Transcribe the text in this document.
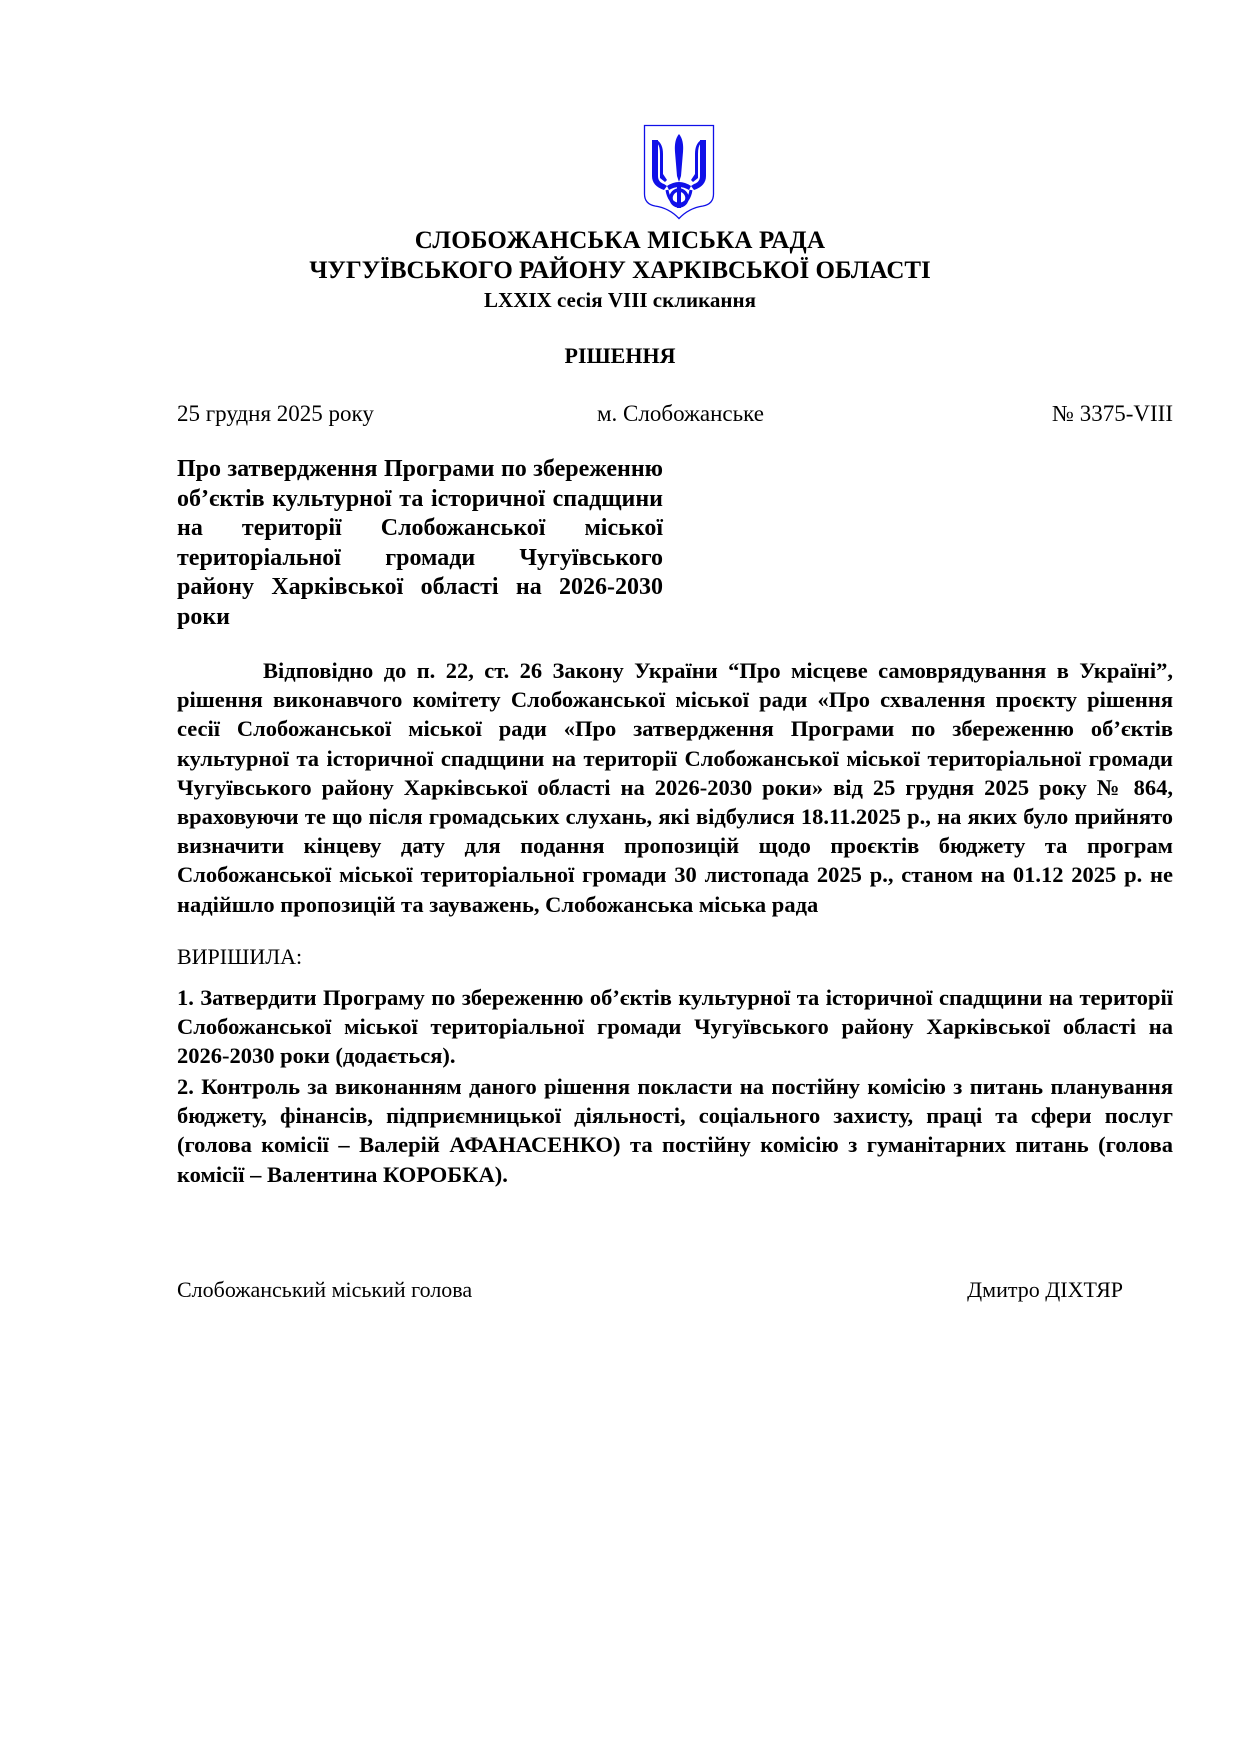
СЛОБОЖАНСЬКА МІСЬКА РАДА
ЧУГУЇВСЬКОГО РАЙОНУ ХАРКІВСЬКОЇ ОБЛАСТІ
LXXIX сесія VIII скликання
РІШЕННЯ
25 грудня 2025 року	м. Слобожанське	№ 3375-VIII
Про затвердження Програми по збереженню об’єктів культурної та історичної спадщини на території Слобожанської міської територіальної громади Чугуївського району Харківської області на 2026-2030 роки

Відповідно до п. 22, ст. 26 Закону України “Про місцеве самоврядування в Україні”, рішення виконавчого комітету Слобожанської міської ради «Про схвалення проєкту рішення сесії Слобожанської міської ради «Про затвердження Програми по збереженню об’єктів культурної та історичної спадщини на території Слобожанської міської територіальної громади Чугуївського району Харківської області на 2026-2030 роки» від 25 грудня 2025 року № 864, враховуючи те що після громадських слухань, які відбулися 18.11.2025 р., на яких було прийнято визначити кінцеву дату для подання пропозицій щодо проєктів бюджету та програм Слобожанської міської територіальної громади 30 листопада 2025 р., станом на 01.12 2025 р. не надійшло пропозицій та зауважень, Слобожанська міська рада

ВИРІШИЛА:

1. Затвердити Програму по збереженню об’єктів культурної та історичної спадщини на території Слобожанської міської територіальної громади Чугуївського району Харківської області на 2026-2030 роки (додається).

2. Контроль за виконанням даного рішення покласти на постійну комісію з питань планування бюджету, фінансів, підприємницької діяльності, соціального захисту, праці та сфери послуг (голова комісії – Валерій АФАНАСЕНКО) та постійну комісію з гуманітарних питань (голова комісії – Валентина КОРОБКА).

Слобожанський міський голова	Дмитро ДІХТЯР
